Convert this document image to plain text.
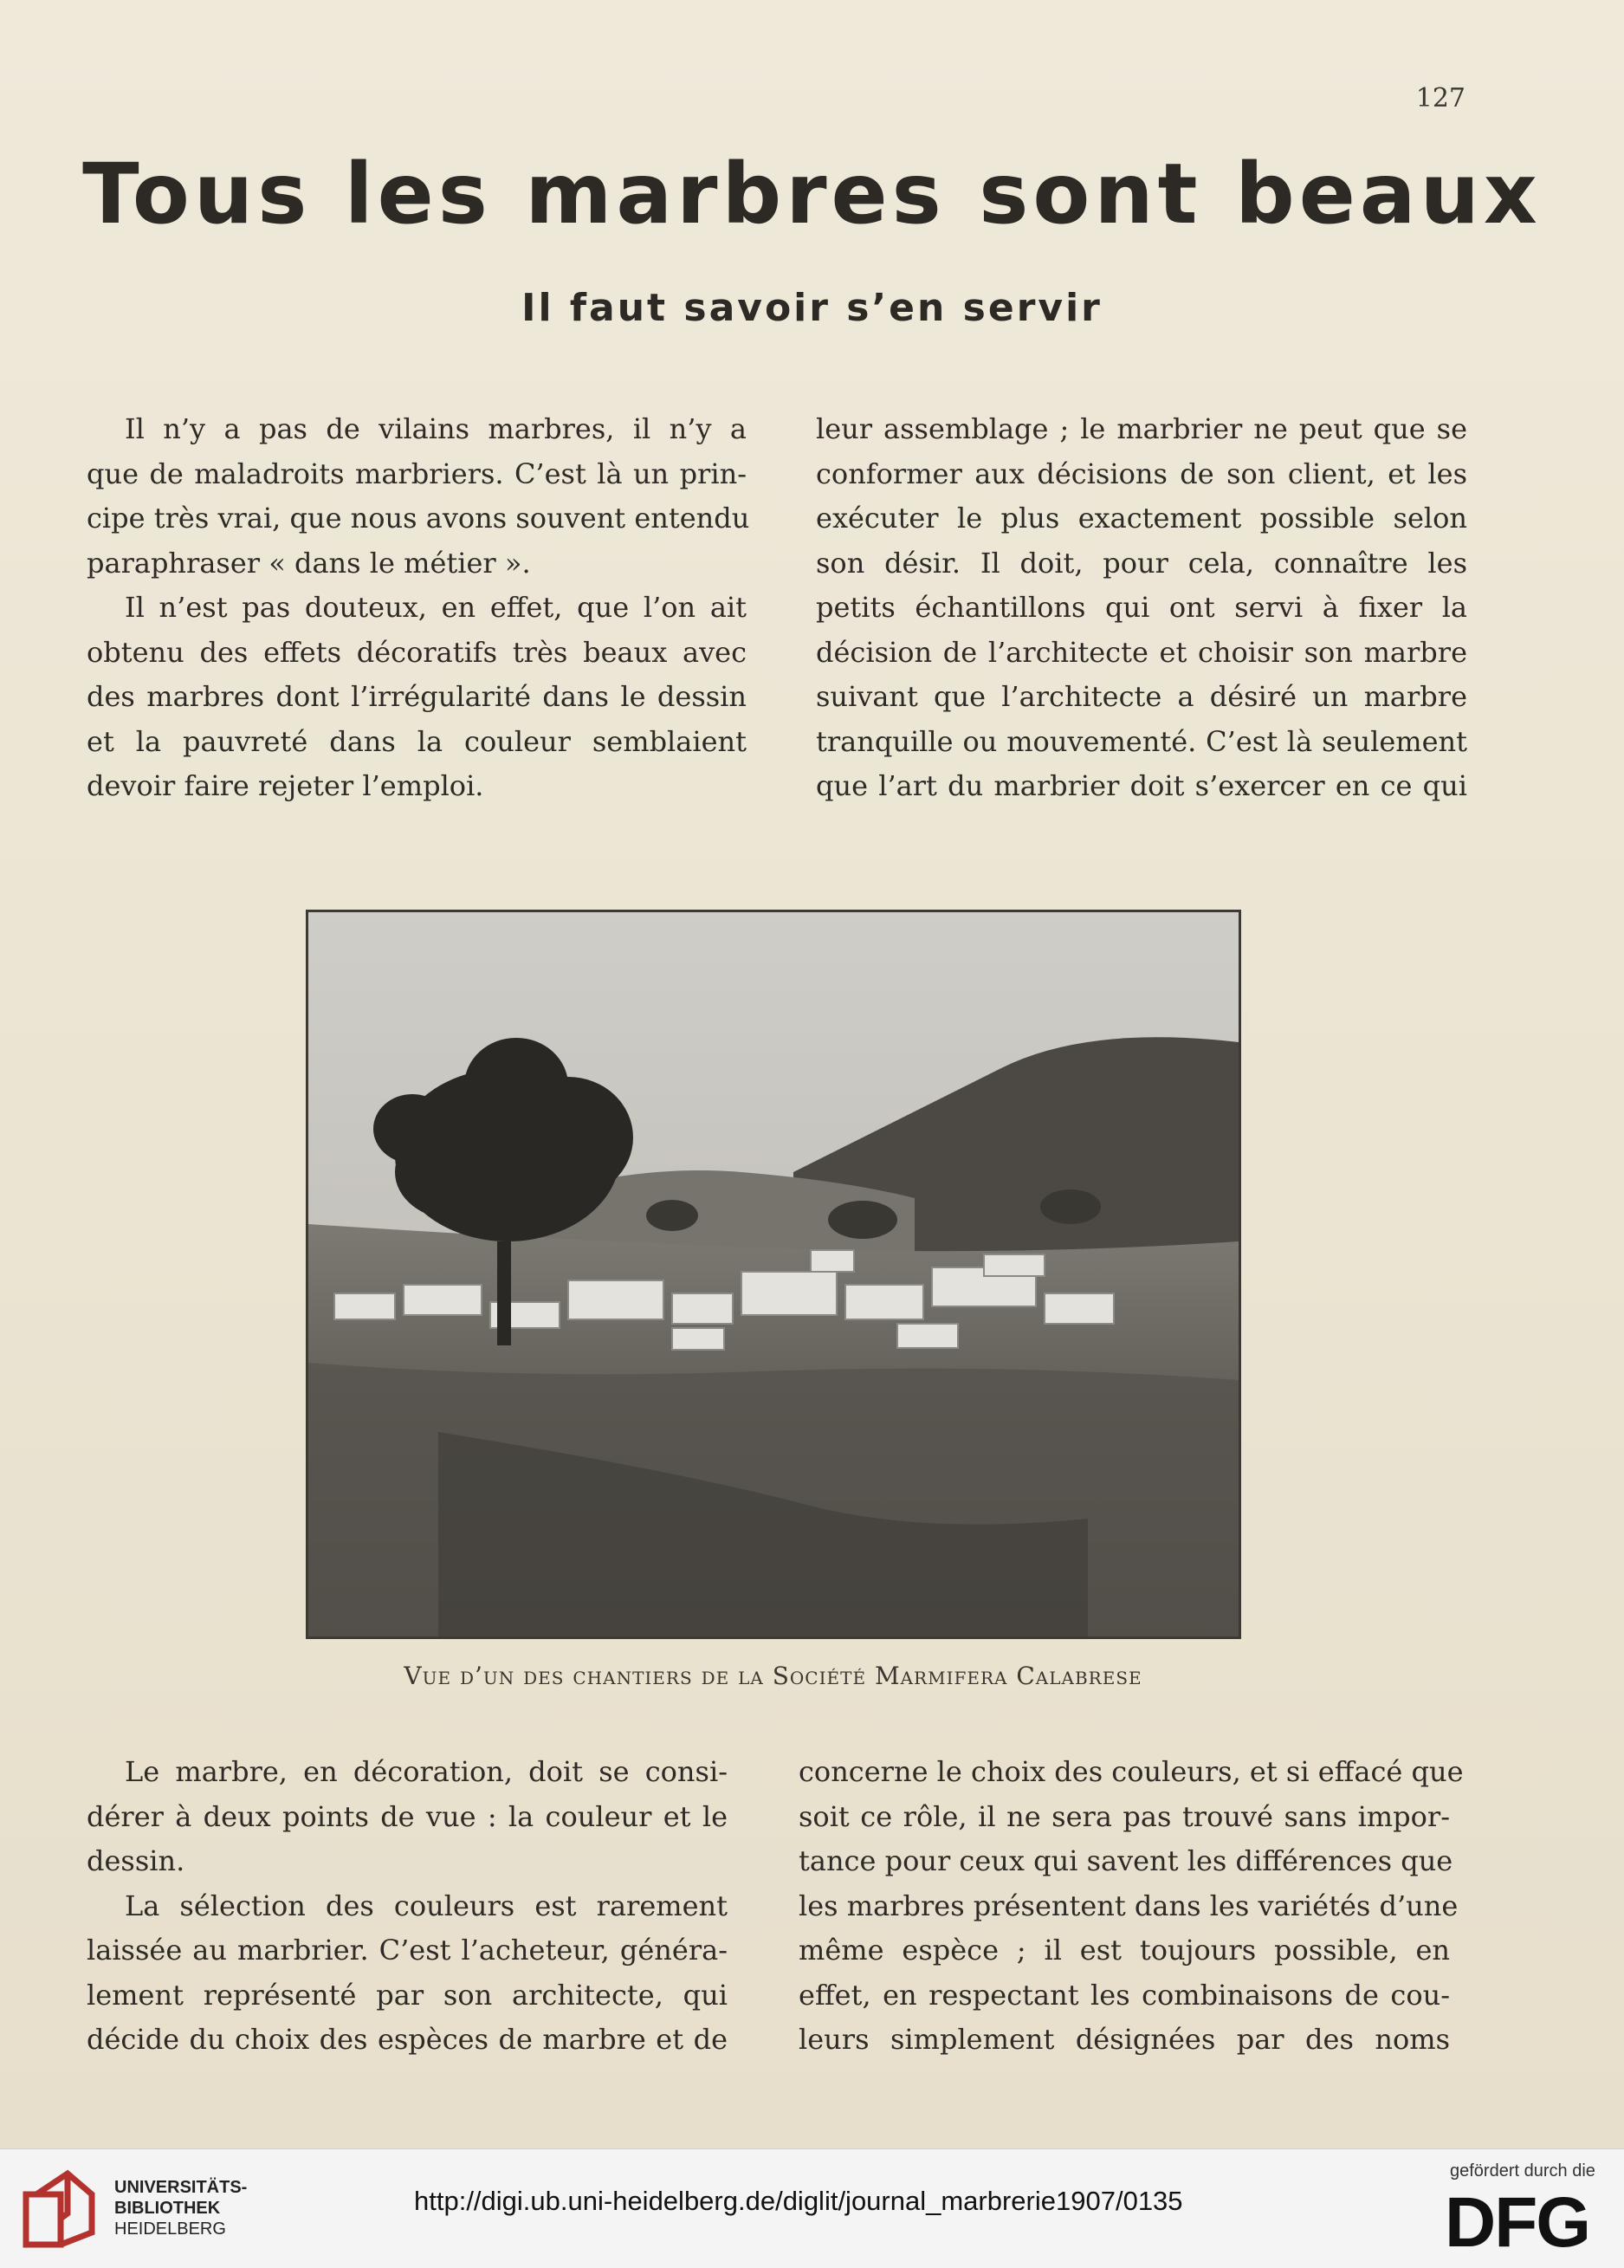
127
Tous les marbres sont beaux
Il faut savoir s’en servir
Il n’y a pas de vilains marbres, il n’y a
que de maladroits marbriers. C’est là un prin-
cipe très vrai, que nous avons souvent entendu
paraphraser « dans le métier ».
Il n’est pas douteux, en effet, que l’on ait
obtenu des effets décoratifs très beaux avec
des marbres dont l’irrégularité dans le dessin
et la pauvreté dans la couleur semblaient
devoir faire rejeter l’emploi.
leur assemblage ; le marbrier ne peut que se
conformer aux décisions de son client, et les
exécuter le plus exactement possible selon
son désir. Il doit, pour cela, connaître les
petits échantillons qui ont servi à fixer la
décision de l’architecte et choisir son marbre
suivant que l’architecte a désiré un marbre
tranquille ou mouvementé. C’est là seulement
que l’art du marbrier doit s’exercer en ce qui
Vue d’un des chantiers de la Société Marmifera Calabrese
Le marbre, en décoration, doit se consi-
dérer à deux points de vue : la couleur et le
dessin.
La sélection des couleurs est rarement
laissée au marbrier. C’est l’acheteur, généra-
lement représenté par son architecte, qui
décide du choix des espèces de marbre et de
concerne le choix des couleurs, et si effacé que
soit ce rôle, il ne sera pas trouvé sans impor-
tance pour ceux qui savent les différences que
les marbres présentent dans les variétés d’une
même espèce ; il est toujours possible, en
effet, en respectant les combinaisons de cou-
leurs simplement désignées par des noms
UNIVERSITÄTS-
BIBLIOTHEK
HEIDELBERG
http://digi.ub.uni-heidelberg.de/diglit/journal_marbrerie1907/0135
gefördert durch die
DFG
